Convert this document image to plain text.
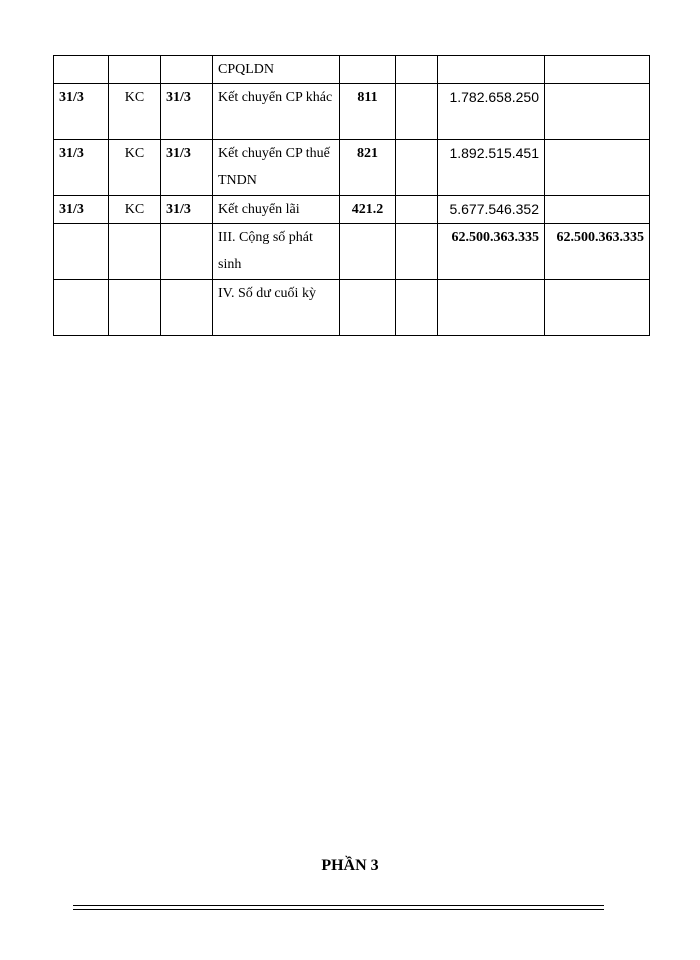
			CPQLDN				
31/3	KC	31/3	Kết chuyển CP khác	811		1.782.658.250	
31/3	KC	31/3	Kết chuyển CP thuế TNDN	821		1.892.515.451	
31/3	KC	31/3	Kết chuyển lãi	421.2		5.677.546.352	
			III. Cộng số phát sinh			62.500.363.335	62.500.363.335
			IV. Số dư cuối kỳ				
PHẦN 3
